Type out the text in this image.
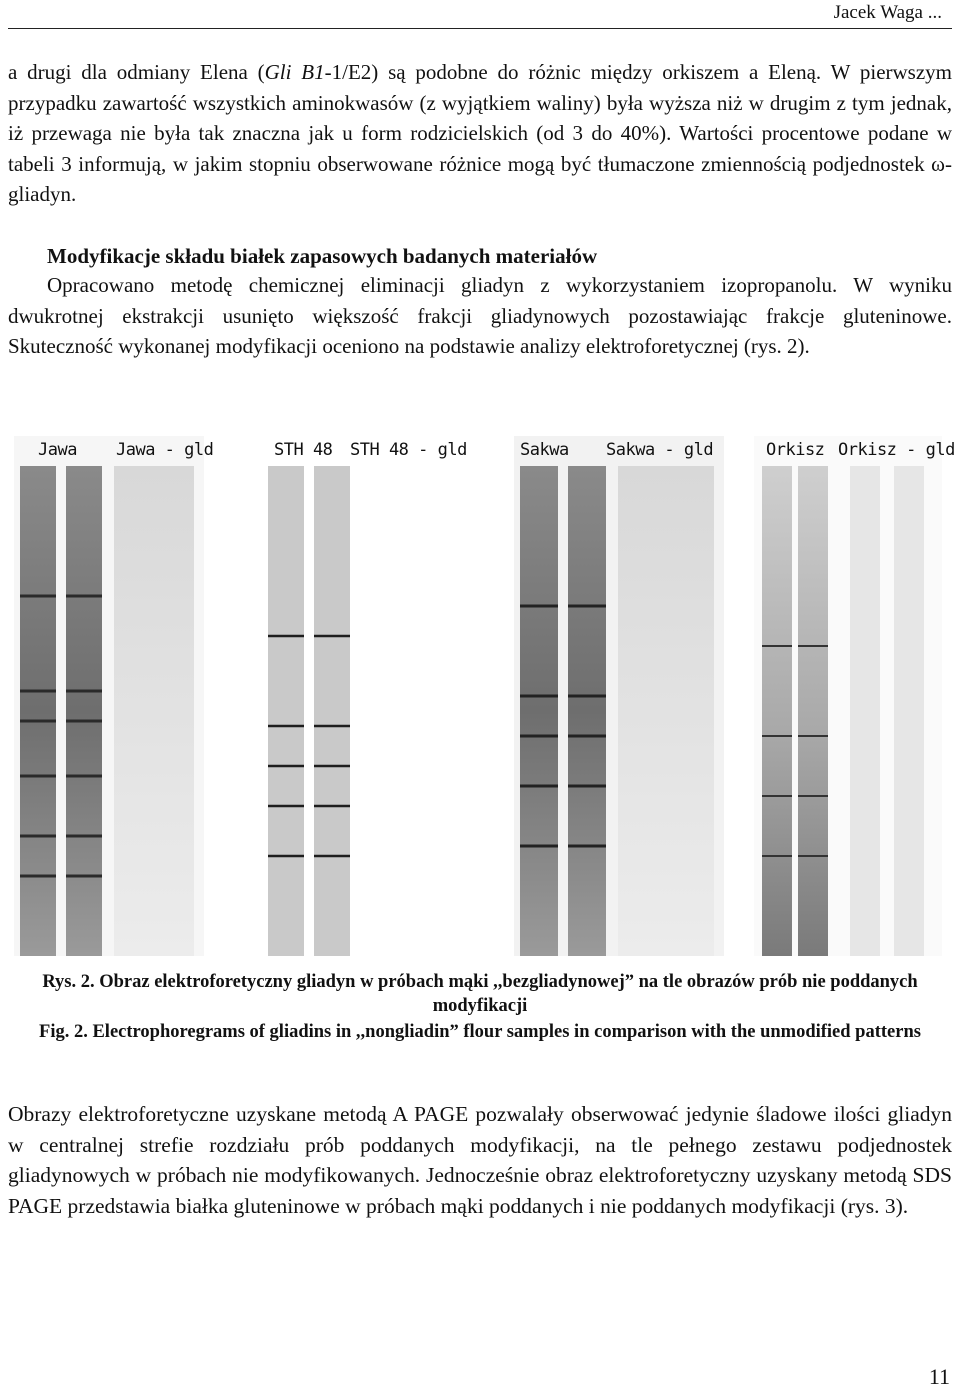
Jacek Waga ...

a drugi dla odmiany Elena (Gli B1-1/E2) są podobne do różnic między orkiszem a Eleną. W pierwszym przypadku zawartość wszystkich aminokwasów (z wyjątkiem waliny) była wyższa niż w drugim z tym jednak, iż przewaga nie była tak znaczna jak u form rodzicielskich (od 3 do 40%). Wartości procentowe podane w tabeli 3 informują, w jakim stopniu obserwowane różnice mogą być tłumaczone zmiennością podjednostek ω-gliadyn.

Modyfikacje składu białek zapasowych badanych materiałów

Opracowano metodę chemicznej eliminacji gliadyn z wykorzystaniem izopropanolu. W wyniku dwukrotnej ekstrakcji usunięto większość frakcji gliadynowych pozostawiając frakcje gluteninowe. Skuteczność wykonanej modyfikacji oceniono na podstawie analizy elektroforetycznej (rys. 2).

Jawa Jawa - gld	STH 48 STH 48 - gld	Sakwa Sakwa - gld	Orkisz Orkisz - gld

Rys. 2. Obraz elektroforetyczny gliadyn w próbach mąki ,,bezgliadynowej” na tle obrazów prób nie poddanych modyfikacji

Fig. 2. Electrophoregrams of gliadins in ,,nongliadin” flour samples in comparison with the unmodified patterns

Obrazy elektroforetyczne uzyskane metodą A PAGE pozwalały obserwować jedynie śladowe ilości gliadyn w centralnej strefie rozdziału prób poddanych modyfikacji, na tle pełnego zestawu podjednostek gliadynowych w próbach nie modyfikowanych. Jednocześnie obraz elektroforetyczny uzyskany metodą SDS PAGE przedstawia białka gluteninowe w próbach mąki poddanych i nie poddanych modyfikacji (rys. 3).

11
